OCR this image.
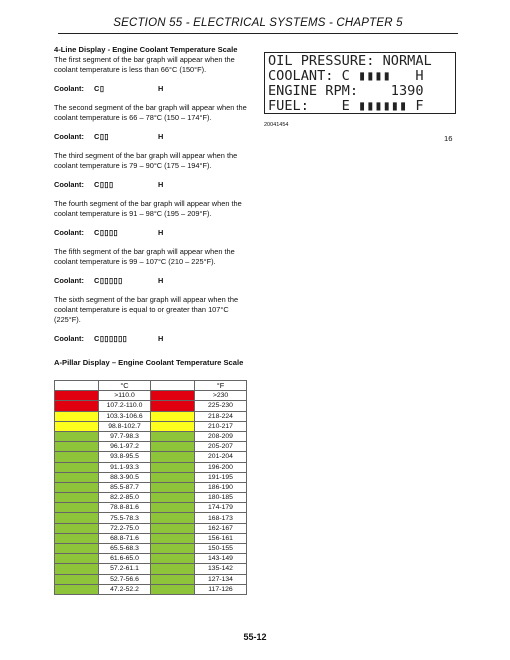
SECTION 55 - ELECTRICAL SYSTEMS - CHAPTER 5
4-Line Display - Engine Coolant Temperature Scale
The first segment of the bar graph will appear when the coolant temperature is less than 66°C (150°F).
Coolant: C▯	H
The second segment of the bar graph will appear when the coolant temperature is 66 – 78°C (150 – 174°F).
Coolant: C▯▯	H
The third segment of the bar graph will appear when the coolant temperature is 79 – 90°C (175 – 194°F).
Coolant: C▯▯▯	H
The fourth segment of the bar graph will appear when the coolant temperature is 91 – 98°C (195 – 209°F).
Coolant: C▯▯▯▯	H
The fifth segment of the bar graph will appear when the coolant temperature is 99 – 107°C (210 – 225°F).
Coolant: C▯▯▯▯▯	H
The sixth segment of the bar graph will appear when the coolant temperature is equal to or greater than 107°C (225°F).
Coolant: C▯▯▯▯▯▯	H
A-Pillar Display – Engine Coolant Temperature Scale
OIL PRESSURE: NORMAL
COOLANT: C ▮▮▮▮   H
ENGINE RPM:    1390
FUEL:    E ▮▮▮▮▮▮ F
20041454
16
	°C		°F
	>110.0		>230
	107.2-110.0		225-230
	103.3-106.6		218-224
	98.8-102.7		210-217
	97.7-98.3		208-209
	96.1-97.2		205-207
	93.8-95.5		201-204
	91.1-93.3		196-200
	88.3-90.5		191-195
	85.5-87.7		186-190
	82.2-85.0		180-185
	78.8-81.6		174-179
	75.5-78.3		168-173
	72.2-75.0		162-167
	68.8-71.6		156-161
	65.5-68.3		150-155
	61.6-65.0		143-149
	57.2-61.1		135-142
	52.7-56.6		127-134
	47.2-52.2		117-126
55-12
